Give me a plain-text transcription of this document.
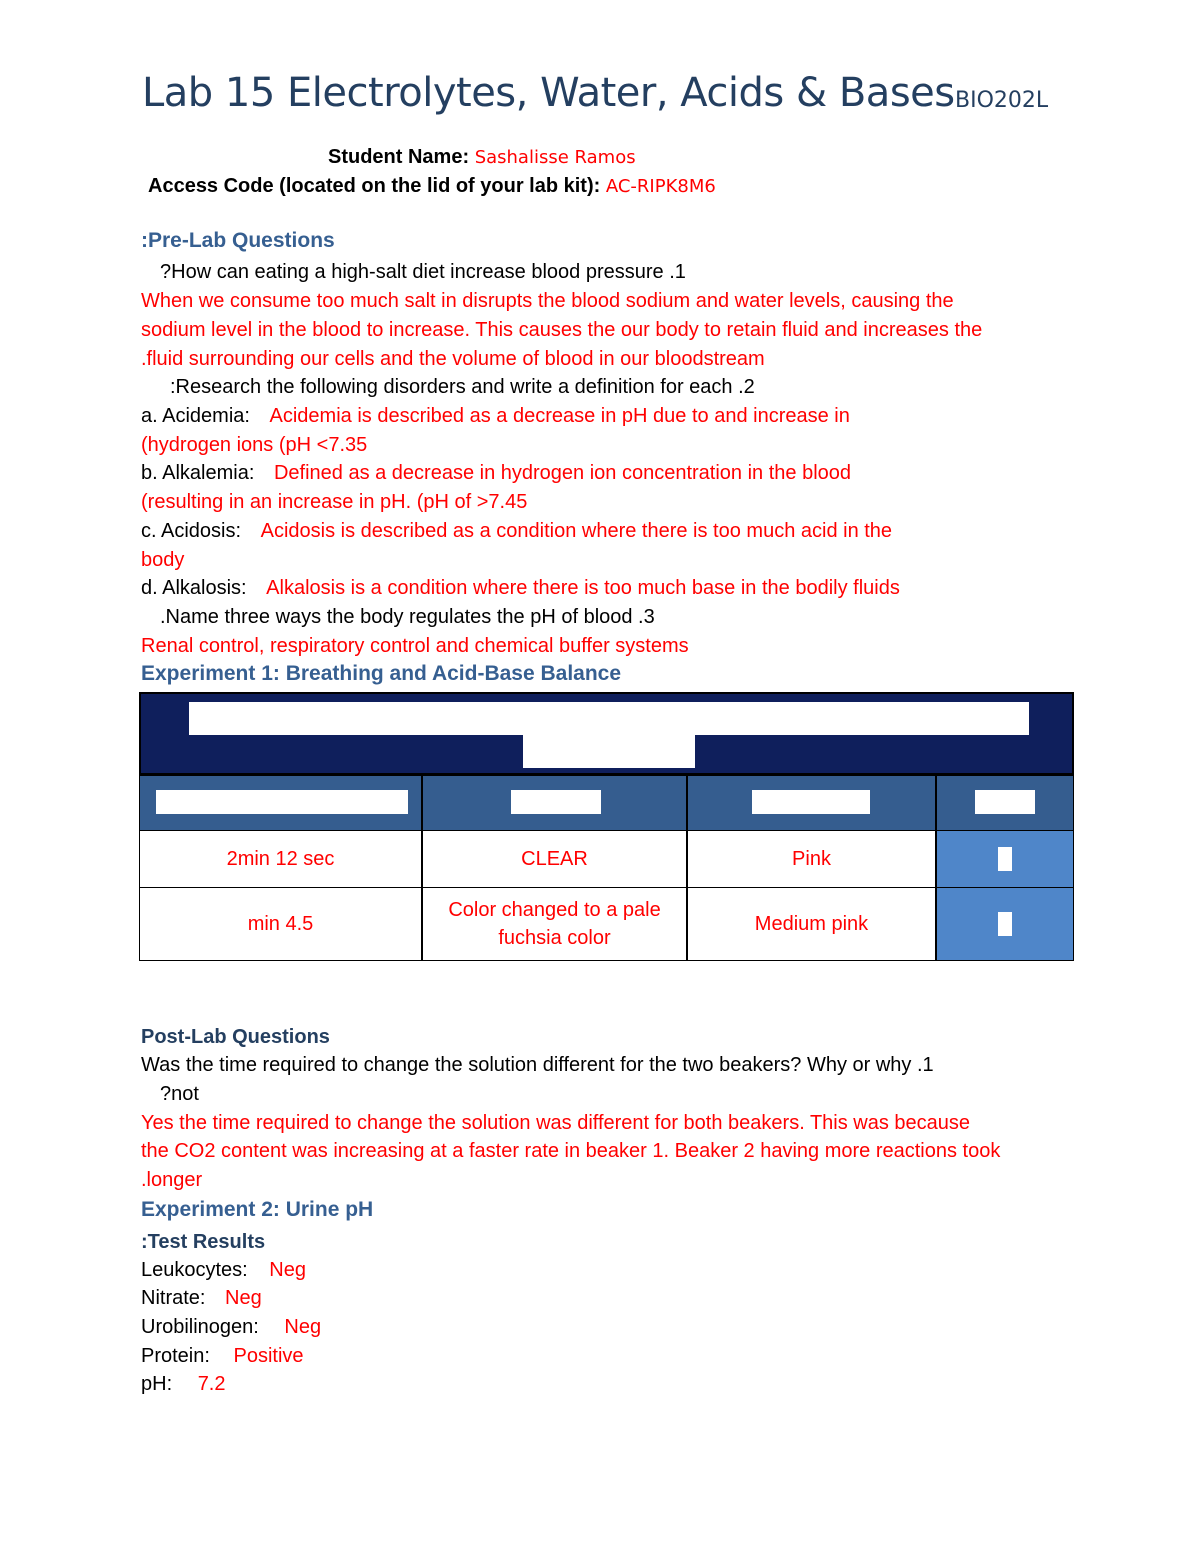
Lab 15 Electrolytes, Water, Acids & Bases BIO202L
Student Name: Sashalisse Ramos
Access Code (located on the lid of your lab kit): AC-RIPK8M6
:Pre-Lab Questions
?How can eating a high-salt diet increase blood pressure .1
When we consume too much salt in disrupts the blood sodium and water levels, causing the
sodium level in the blood to increase. This causes the our body to retain fluid and increases the
.fluid surrounding our cells and the volume of blood in our bloodstream
:Research the following disorders and write a definition for each .2
a. Acidemia: Acidemia is described as a decrease in pH due to and increase in
(hydrogen ions (pH <7.35
b. Alkalemia: Defined as a decrease in hydrogen ion concentration in the blood
(resulting in an increase in pH. (pH of >7.45
c. Acidosis: Acidosis is described as a condition where there is too much acid in the
body
d. Alkalosis: Alkalosis is a condition where there is too much base in the bodily fluids
.Name three ways the body regulates the pH of blood .3
Renal control, respiratory control and chemical buffer systems
Experiment 1: Breathing and Acid-Base Balance
2min 12 sec	CLEAR	Pink
min 4.5
Color changed to a pale fuchsia color
Medium pink
Post-Lab Questions
Was the time required to change the solution different for the two beakers? Why or why .1
?not
Yes the time required to change the solution was different for both beakers. This was because
the CO2 content was increasing at a faster rate in beaker 1. Beaker 2 having more reactions took
.longer
Experiment 2: Urine pH
:Test Results
Leukocytes: Neg
Nitrate: Neg
Urobilinogen: Neg
Protein: Positive
pH: 7.2
